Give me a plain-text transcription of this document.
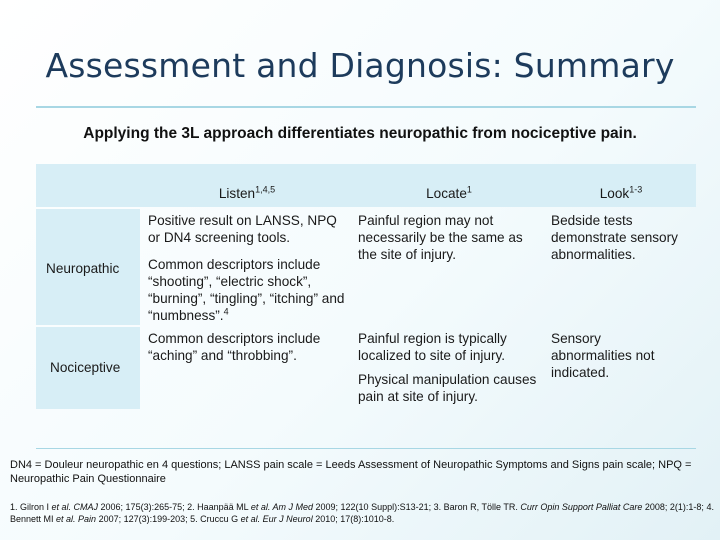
Assessment and Diagnosis: Summary
Applying the 3L approach differentiates neuropathic from nociceptive pain.
Listen$^{1,4,5}$	Locate$^1$	Look$^{1-3}$
Neuropathic
Nociceptive
Positive result on LANSS, NPQ or DN4 screening tools.
Common descriptors include “shooting”, “electric shock”, “burning”, “tingling”, “itching” and “numbness”.$^4$
Painful region may not necessarily be the same as the site of injury.
Bedside tests demonstrate sensory abnormalities.
Common descriptors include “aching” and “throbbing”.
Painful region is typically localized to site of injury.
Physical manipulation causes pain at site of injury.
Sensory abnormalities not indicated.
DN4 = Douleur neuropathic en 4 questions; LANSS pain scale = Leeds Assessment of Neuropathic Symptoms and Signs pain scale; NPQ = Neuropathic Pain Questionnaire
1. Gilron I et al. CMAJ 2006; 175(3):265-75; 2. Haanpää ML et al. Am J Med 2009; 122(10 Suppl):S13-21; 3. Baron R, Tölle TR. Curr Opin Support Palliat Care 2008; 2(1):1-8; 4. Bennett MI et al. Pain 2007; 127(3):199-203; 5. Cruccu G et al. Eur J Neurol 2010; 17(8):1010-8.
